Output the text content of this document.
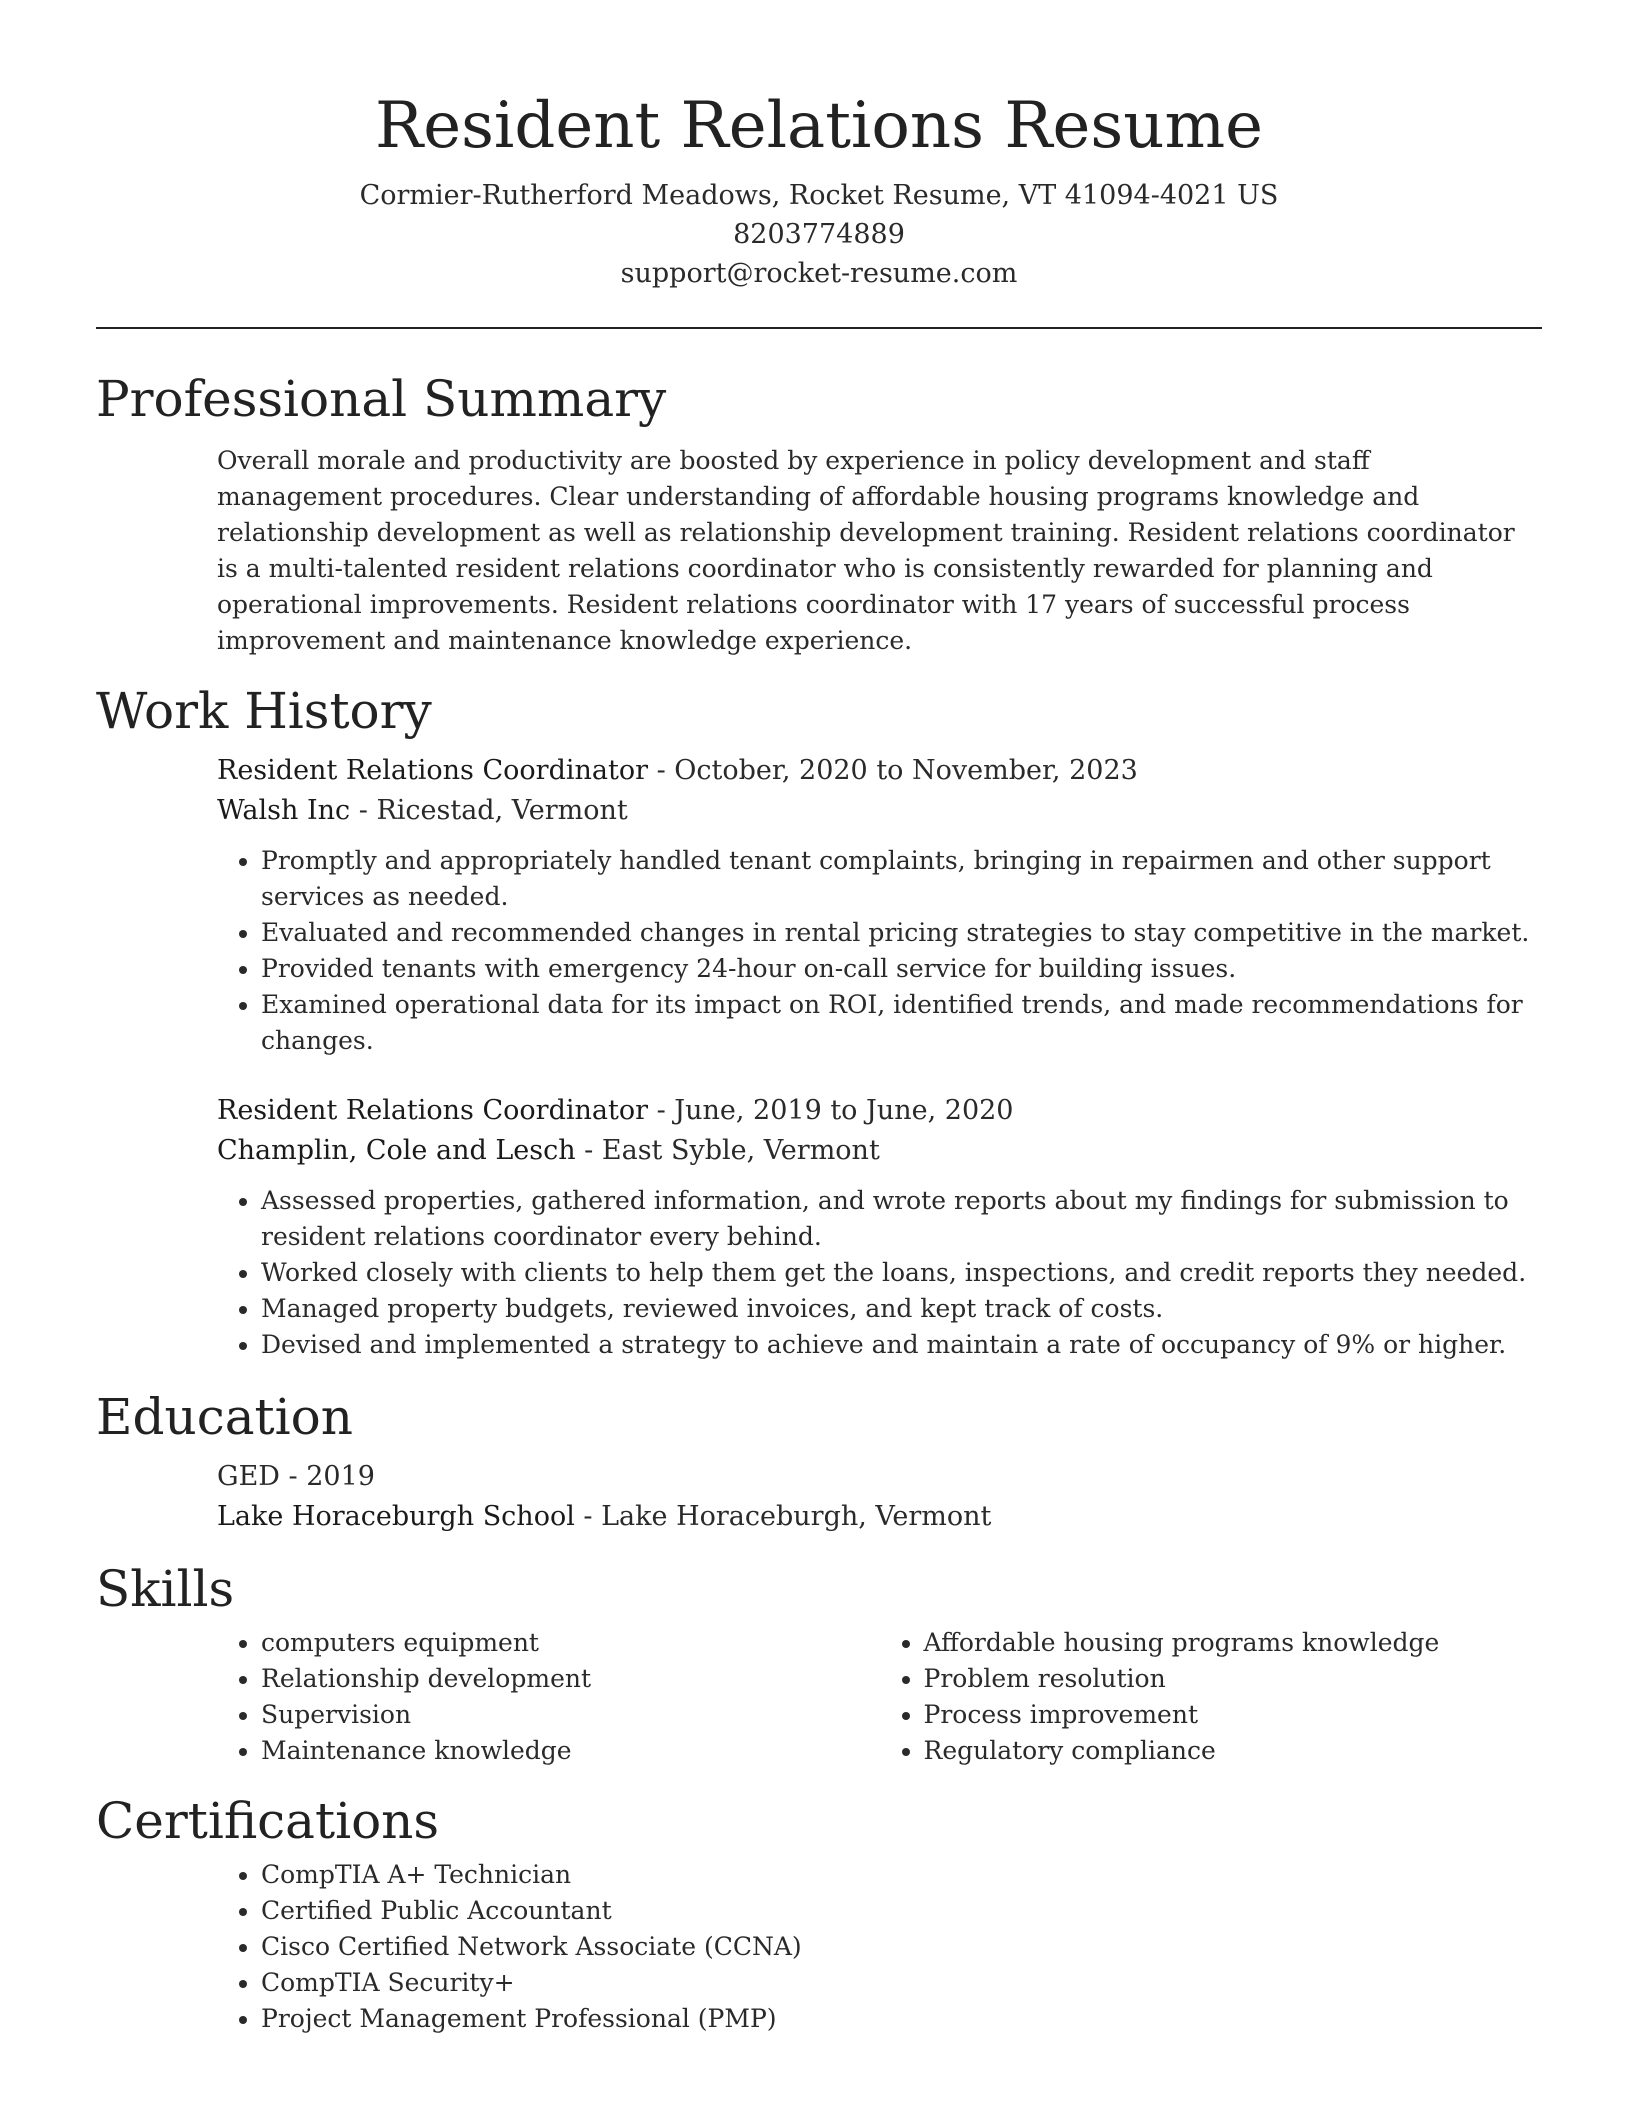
Resident Relations Resume
Cormier-Rutherford Meadows, Rocket Resume, VT 41094-4021 US
8203774889
support@rocket-resume.com
Professional Summary
Overall morale and productivity are boosted by experience in policy development and staff management procedures. Clear understanding of affordable housing programs knowledge and relationship development as well as relationship development training. Resident relations coordinator is a multi-talented resident relations coordinator who is consistently rewarded for planning and operational improvements. Resident relations coordinator with 17 years of successful process improvement and maintenance knowledge experience.
Work History
Resident Relations Coordinator - October, 2020 to November, 2023
Walsh Inc - Ricestad, Vermont
• Promptly and appropriately handled tenant complaints, bringing in repairmen and other support services as needed.
• Evaluated and recommended changes in rental pricing strategies to stay competitive in the market.
• Provided tenants with emergency 24-hour on-call service for building issues.
• Examined operational data for its impact on ROI, identified trends, and made recommendations for changes.
Resident Relations Coordinator - June, 2019 to June, 2020
Champlin, Cole and Lesch - East Syble, Vermont
• Assessed properties, gathered information, and wrote reports about my findings for submission to resident relations coordinator every behind.
• Worked closely with clients to help them get the loans, inspections, and credit reports they needed.
• Managed property budgets, reviewed invoices, and kept track of costs.
• Devised and implemented a strategy to achieve and maintain a rate of occupancy of 9% or higher.
Education
GED - 2019
Lake Horaceburgh School - Lake Horaceburgh, Vermont
Skills
• computers equipment
• Relationship development
• Supervision
• Maintenance knowledge
• Affordable housing programs knowledge
• Problem resolution
• Process improvement
• Regulatory compliance
Certifications
• CompTIA A+ Technician
• Certified Public Accountant
• Cisco Certified Network Associate (CCNA)
• CompTIA Security+
• Project Management Professional (PMP)
